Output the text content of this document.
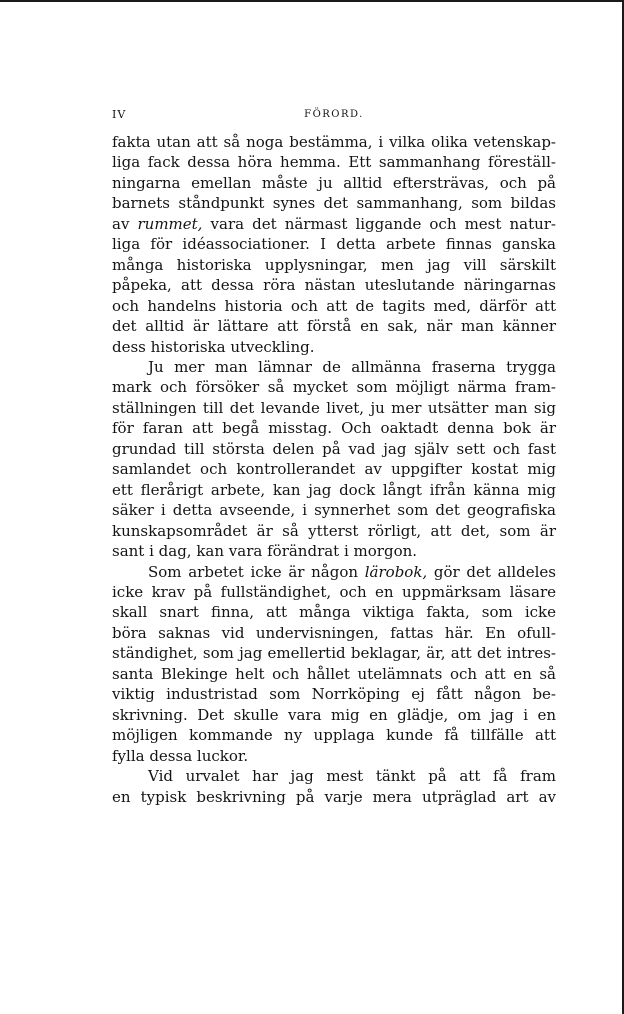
IV	FÖRORD.
fakta utan att så noga bestämma, i vilka olika vetenskap-
liga fack dessa höra hemma. Ett sammanhang föreställ-
ningarna emellan måste ju alltid eftersträvas, och på
barnets ståndpunkt synes det sammanhang, som bildas
av rummet, vara det närmast liggande och mest natur-
liga för idéassociationer. I detta arbete finnas ganska
många historiska upplysningar, men jag vill särskilt
påpeka, att dessa röra nästan uteslutande näringarnas
och handelns historia och att de tagits med, därför att
det alltid är lättare att förstå en sak, när man känner
dess historiska utveckling.
Ju mer man lämnar de allmänna fraserna trygga
mark och försöker så mycket som möjligt närma fram-
ställningen till det levande livet, ju mer utsätter man sig
för faran att begå misstag. Och oaktadt denna bok är
grundad till största delen på vad jag själv sett och fast
samlandet och kontrollerandet av uppgifter kostat mig
ett flerårigt arbete, kan jag dock långt ifrån känna mig
säker i detta avseende, i synnerhet som det geografiska
kunskapsområdet är så ytterst rörligt, att det, som är
sant i dag, kan vara förändrat i morgon.
Som arbetet icke är någon lärobok, gör det alldeles
icke krav på fullständighet, och en uppmärksam läsare
skall snart finna, att många viktiga fakta, som icke
böra saknas vid undervisningen, fattas här. En ofull-
ständighet, som jag emellertid beklagar, är, att det intres-
santa Blekinge helt och hållet utelämnats och att en så
viktig industristad som Norrköping ej fått någon be-
skrivning. Det skulle vara mig en glädje, om jag i en
möjligen kommande ny upplaga kunde få tillfälle att
fylla dessa luckor.
Vid urvalet har jag mest tänkt på att få fram
en typisk beskrivning på varje mera utpräglad art av
